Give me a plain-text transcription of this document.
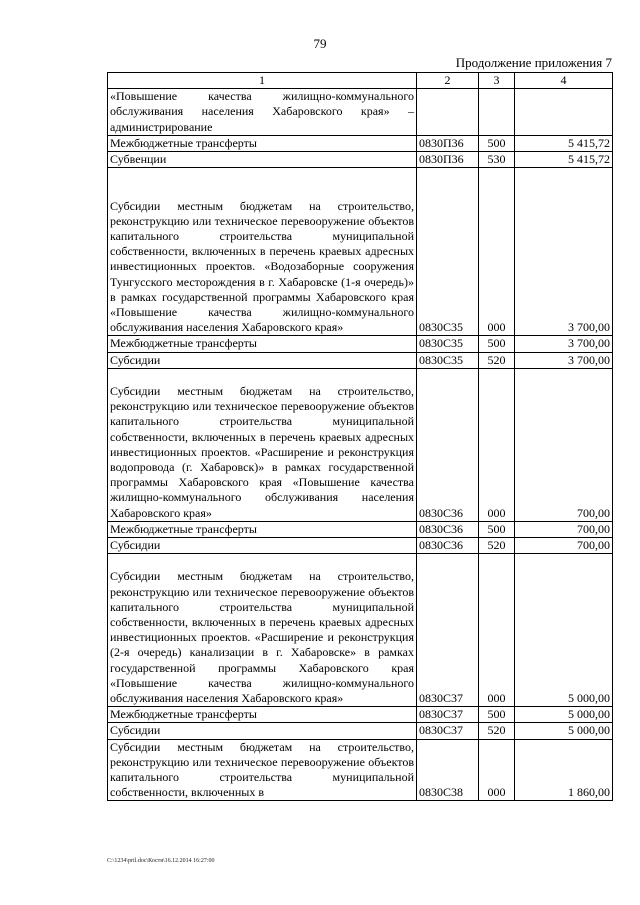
79
Продолжение приложения 7
1	2	3	4
«Повышение качества жилищно-коммунального обслуживания населения Хабаровского края» – администрирование			
Межбюджетные трансферты	0830П36	500	5 415,72
Субвенции	0830П36	530	5 415,72
Субсидии местным бюджетам на строительство, реконструкцию или техническое перевооружение объектов капитального строительства муниципальной собственности, включенных в перечень краевых адресных инвестиционных проектов. «Водозаборные сооружения Тунгусского месторождения в г. Хабаровске (1-я очередь)» в рамках государственной программы Хабаровского края «Повышение качества жилищно-коммунального обслуживания населения Хабаровского края»	0830С35	000	3 700,00
Межбюджетные трансферты	0830С35	500	3 700,00
Субсидии	0830С35	520	3 700,00
Субсидии местным бюджетам на строительство, реконструкцию или техническое перевооружение объектов капитального строительства муниципальной собственности, включенных в перечень краевых адресных инвестиционных проектов. «Расширение и реконструкция водопровода (г. Хабаровск)» в рамках государственной программы Хабаровского края «Повышение качества жилищно-коммунального обслуживания населения Хабаровского края»	0830С36	000	700,00
Межбюджетные трансферты	0830С36	500	700,00
Субсидии	0830С36	520	700,00
Субсидии местным бюджетам на строительство, реконструкцию или техническое перевооружение объектов капитального строительства муниципальной собственности, включенных в перечень краевых адресных инвестиционных проектов. «Расширение и реконструкция (2-я очередь) канализации в г. Хабаровске» в рамках государственной программы Хабаровского края «Повышение качества жилищно-коммунального обслуживания населения Хабаровского края»	0830С37	000	5 000,00
Межбюджетные трансферты	0830С37	500	5 000,00
Субсидии	0830С37	520	5 000,00
Субсидии местным бюджетам на строительство, реконструкцию или техническое перевооружение объектов капитального строительства муниципальной собственности, включенных в	0830С38	000	1 860,00
C:\1234\pril.doc\Костя\16.12.2014 16:27:00
